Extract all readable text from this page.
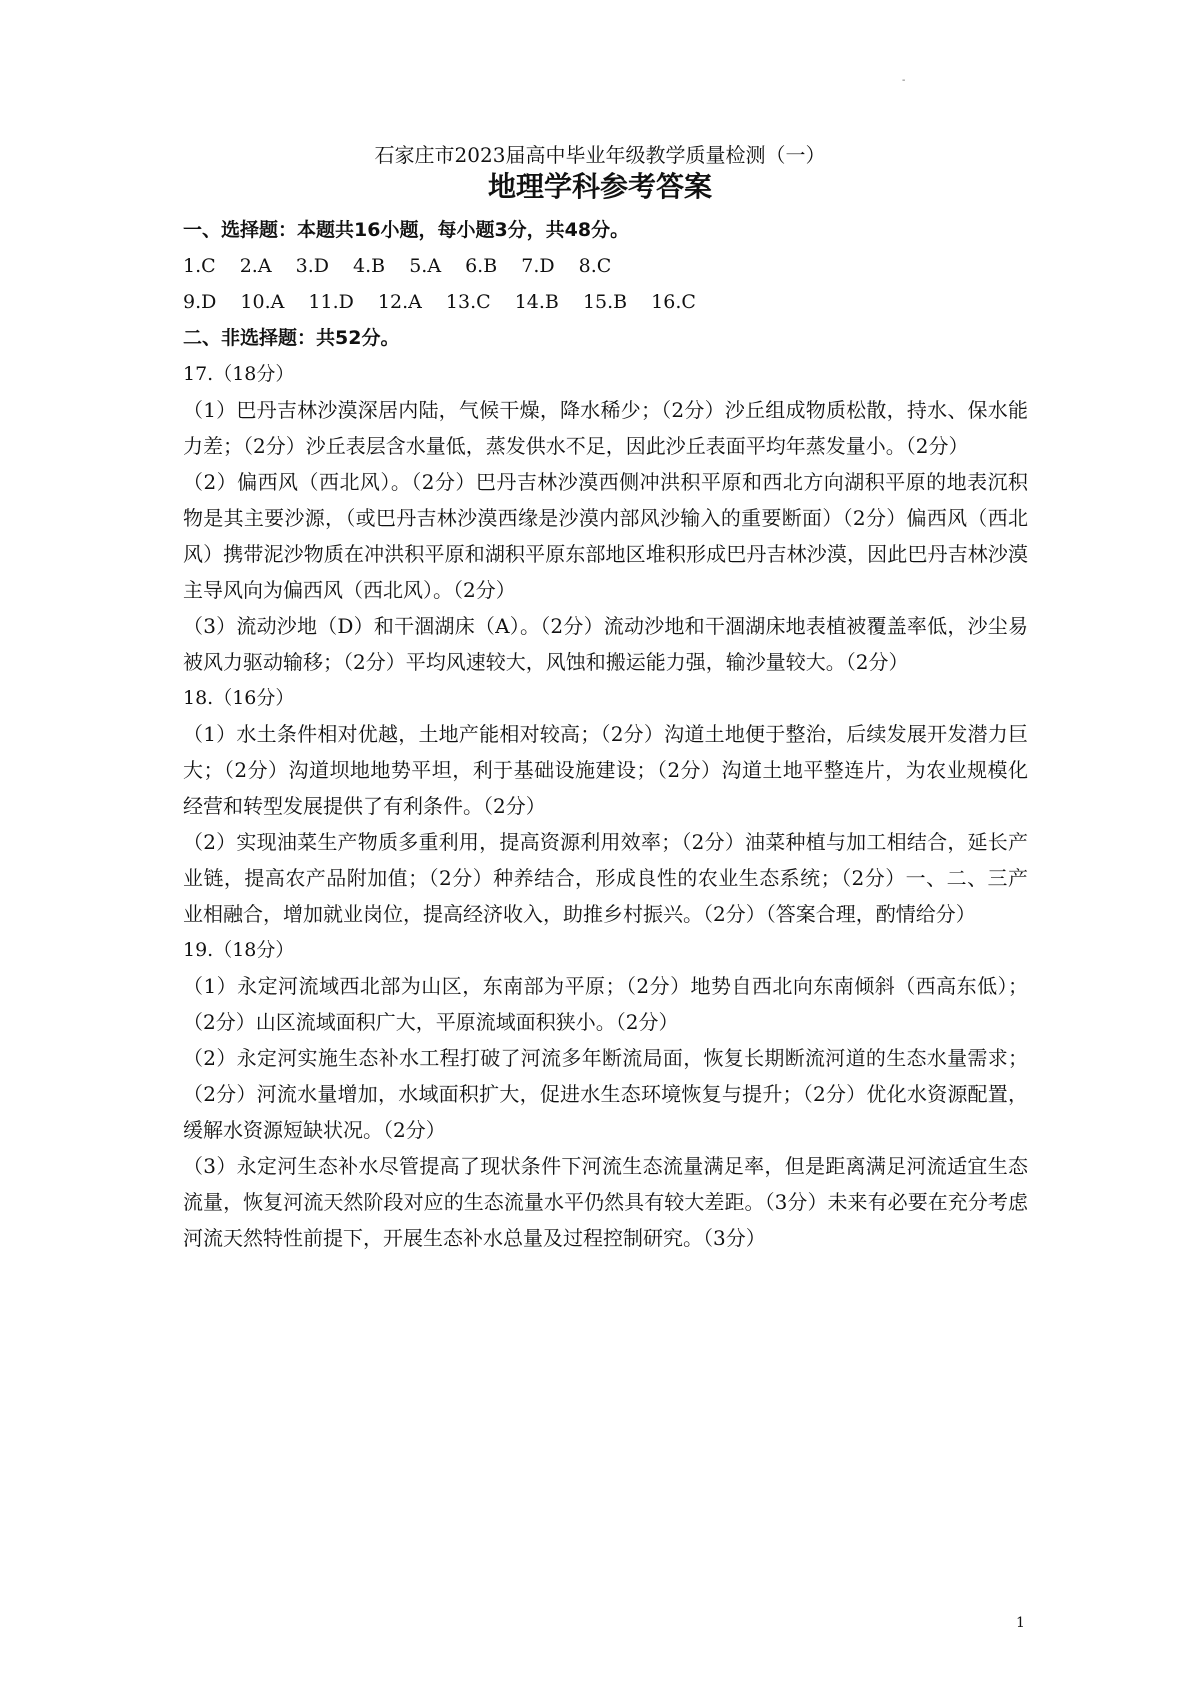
-
石家庄市2023届高中毕业年级教学质量检测（一）
地理学科参考答案

一、选择题：本题共16小题，每小题3分，共48分。

1.C 2.A 3.D 4.B 5.A 6.B 7.D 8.C

9.D 10.A 11.D 12.A 13.C 14.B 15.B 16.C

二、非选择题：共52分。

17.（18分）

（1）巴丹吉林沙漠深居内陆，气候干燥，降水稀少；（2分）沙丘组成物质松散，持水、保水能力差；（2分）沙丘表层含水量低，蒸发供水不足，因此沙丘表面平均年蒸发量小。（2分）

（2）偏西风（西北风）。（2分）巴丹吉林沙漠西侧冲洪积平原和西北方向湖积平原的地表沉积物是其主要沙源，（或巴丹吉林沙漠西缘是沙漠内部风沙输入的重要断面）（2分）偏西风（西北风）携带泥沙物质在冲洪积平原和湖积平原东部地区堆积形成巴丹吉林沙漠，因此巴丹吉林沙漠主导风向为偏西风（西北风）。（2分）

（3）流动沙地（D）和干涸湖床（A）。（2分）流动沙地和干涸湖床地表植被覆盖率低，沙尘易被风力驱动输移；（2分）平均风速较大，风蚀和搬运能力强，输沙量较大。（2分）

18.（16分）

（1）水土条件相对优越，土地产能相对较高；（2分）沟道土地便于整治，后续发展开发潜力巨大；（2分）沟道坝地地势平坦，利于基础设施建设；（2分）沟道土地平整连片，为农业规模化经营和转型发展提供了有利条件。（2分）

（2）实现油菜生产物质多重利用，提高资源利用效率；（2分）油菜种植与加工相结合，延长产业链，提高农产品附加值；（2分）种养结合，形成良性的农业生态系统；（2分）一、二、三产业相融合，增加就业岗位，提高经济收入，助推乡村振兴。（2分）（答案合理，酌情给分）

19.（18分）

（1）永定河流域西北部为山区，东南部为平原；（2分）地势自西北向东南倾斜（西高东低）；（2分）山区流域面积广大，平原流域面积狭小。（2分）

（2）永定河实施生态补水工程打破了河流多年断流局面，恢复长期断流河道的生态水量需求；（2分）河流水量增加，水域面积扩大，促进水生态环境恢复与提升；（2分）优化水资源配置，缓解水资源短缺状况。（2分）

（3）永定河生态补水尽管提高了现状条件下河流生态流量满足率，但是距离满足河流适宜生态流量，恢复河流天然阶段对应的生态流量水平仍然具有较大差距。（3分）未来有必要在充分考虑河流天然特性前提下，开展生态补水总量及过程控制研究。（3分）

1
